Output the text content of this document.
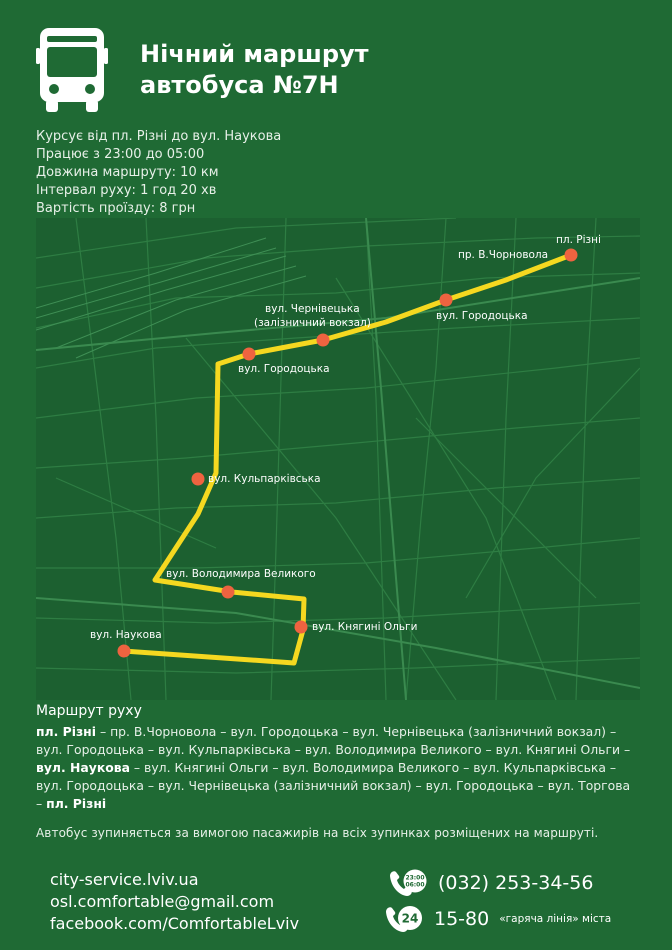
Нічний маршрут
автобуса №7Н
Курсує від пл. Різні до вул. Наукова
Працює з 23:00 до 05:00
Довжина маршруту: 10 км
Інтервал руху: 1 год 20 хв
Вартість проїзду: 8 грн
пл. Різні
пр. В.Чорновола
вул. Городоцька
вул. Чернівецька
(залізничний вокзал)
вул. Городоцька
вул. Кульпарківська
вул. Володимира Великого
вул. Княгині Ольги
вул. Наукова
Маршрут руху
пл. Різні – пр. В.Чорновола – вул. Городоцька – вул. Чернівецька (залізничний вокзал) –
вул. Городоцька – вул. Кульпарківська – вул. Володимира Великого – вул. Княгині Ольги –
вул. Наукова – вул. Княгині Ольги – вул. Володимира Великого – вул. Кульпарківська –
вул. Городоцька – вул. Чернівецька (залізничний вокзал) – вул. Городоцька – вул. Торгова
– пл. Різні
Автобус зупиняється за вимогою пасажирів на всіх зупинках розміщених на маршруті.
city-service.lviv.ua
osl.comfortable@gmail.com
facebook.com/ComfortableLviv
23:00
06:00 (032) 253-34-56
24 15-80 «гаряча лінія» міста
